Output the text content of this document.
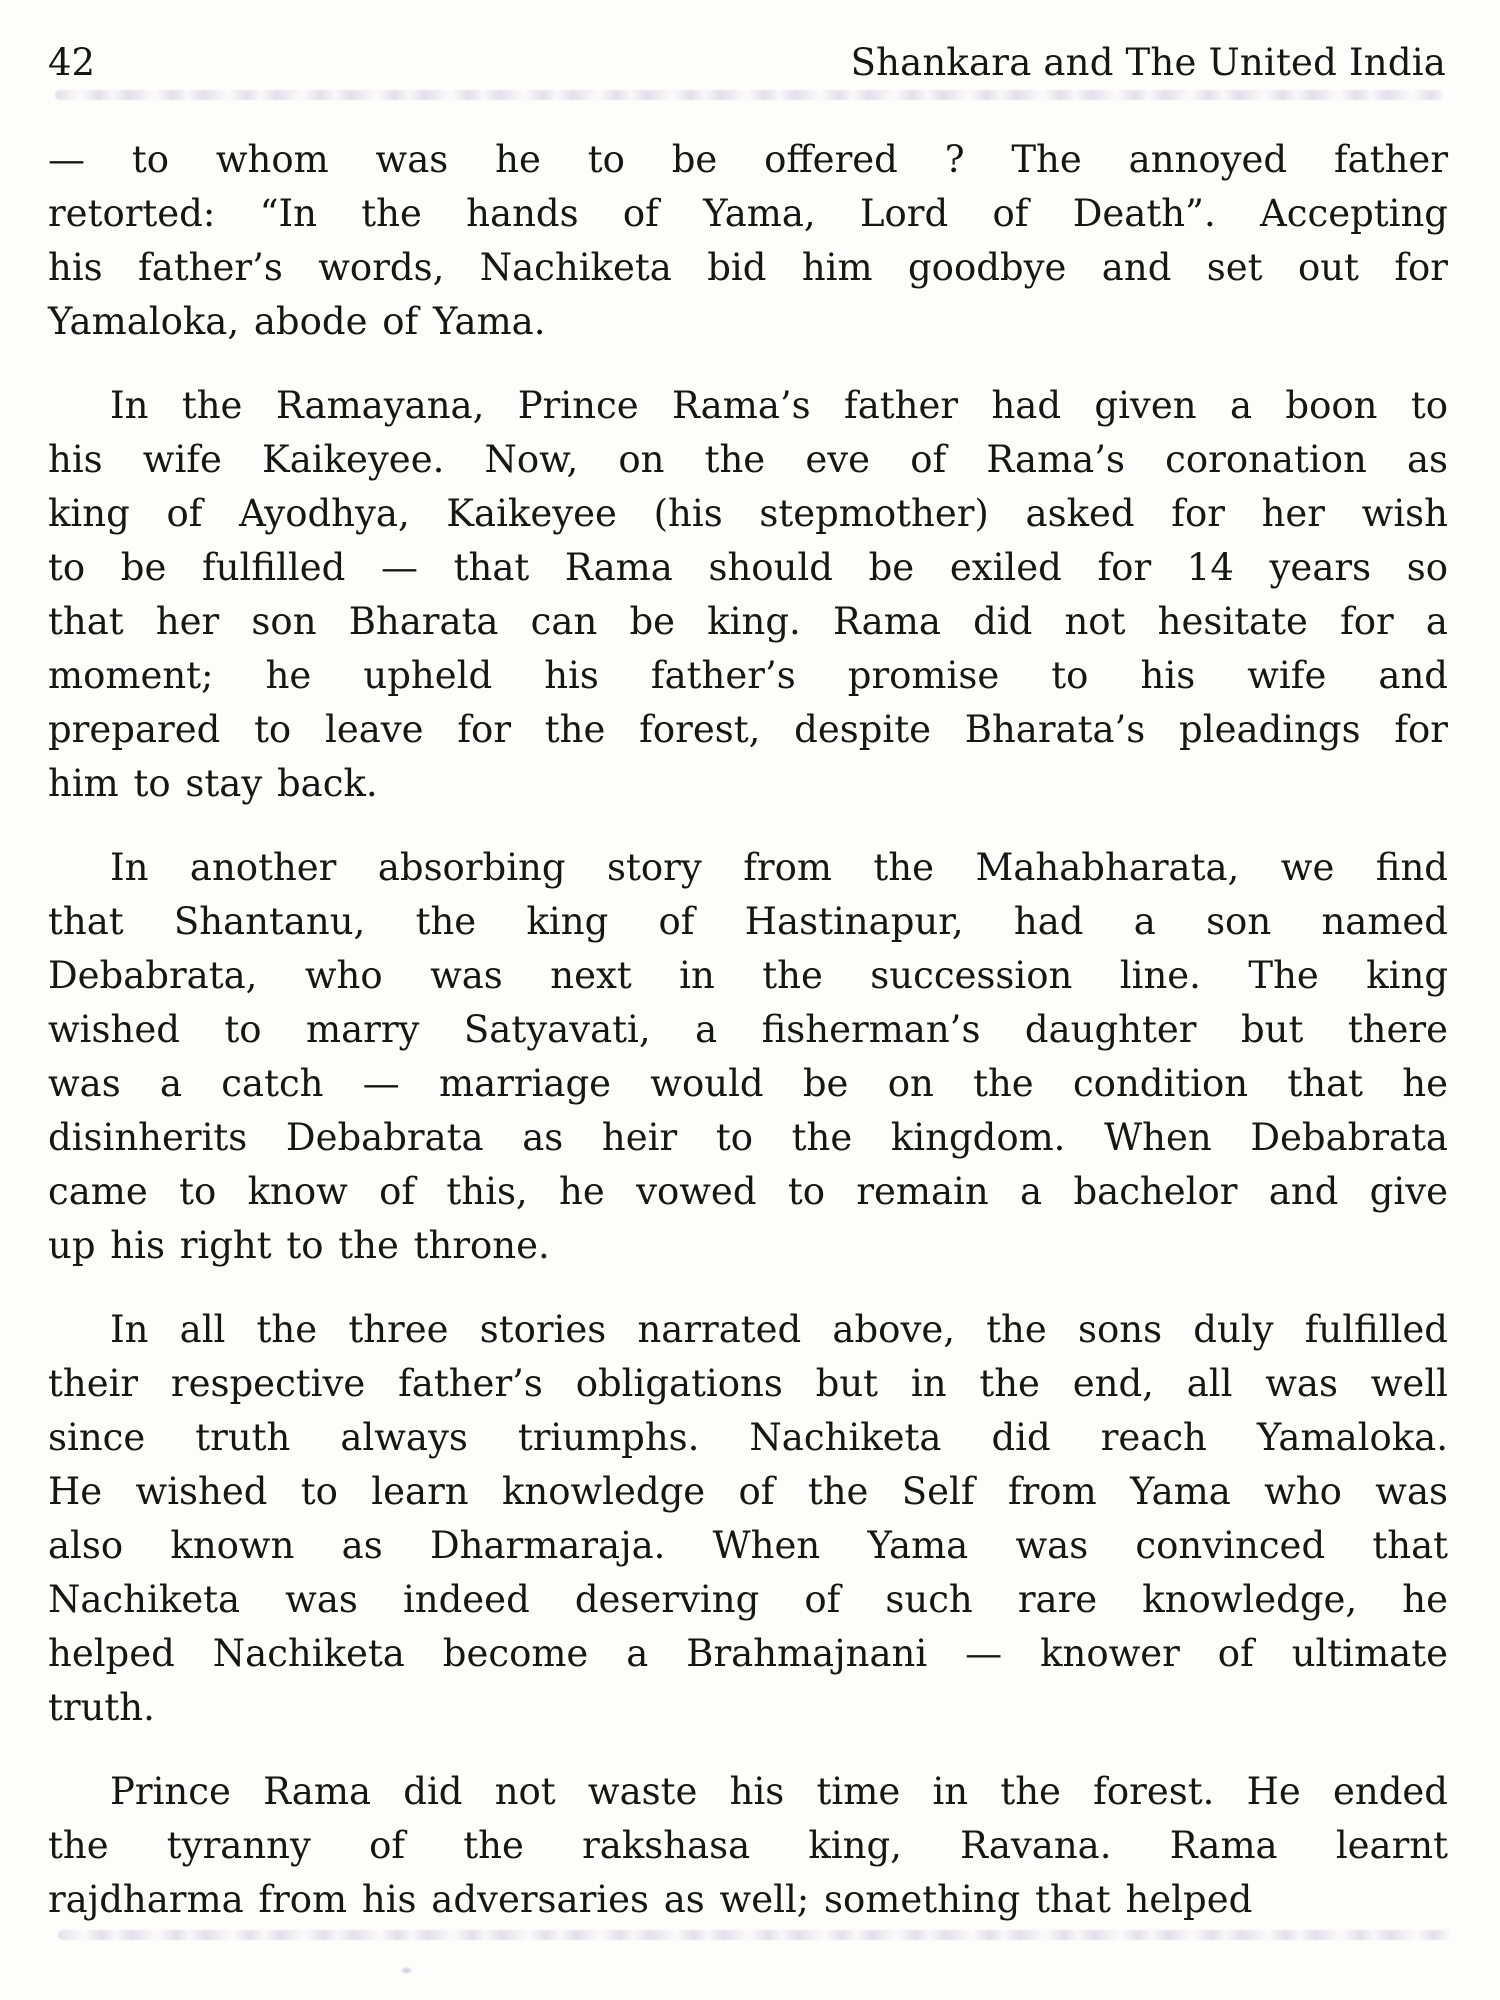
42	Shankara and The United India
— to whom was he to be offered ? The annoyed father
retorted: “In the hands of Yama, Lord of Death”. Accepting
his father’s words, Nachiketa bid him goodbye and set out for
Yamaloka, abode of Yama.
In the Ramayana, Prince Rama’s father had given a boon to
his wife Kaikeyee. Now, on the eve of Rama’s coronation as
king of Ayodhya, Kaikeyee (his stepmother) asked for her wish
to be fulfilled — that Rama should be exiled for 14 years so
that her son Bharata can be king. Rama did not hesitate for a
moment; he upheld his father’s promise to his wife and
prepared to leave for the forest, despite Bharata’s pleadings for
him to stay back.
In another absorbing story from the Mahabharata, we find
that Shantanu, the king of Hastinapur, had a son named
Debabrata, who was next in the succession line. The king
wished to marry Satyavati, a fisherman’s daughter but there
was a catch — marriage would be on the condition that he
disinherits Debabrata as heir to the kingdom. When Debabrata
came to know of this, he vowed to remain a bachelor and give
up his right to the throne.
In all the three stories narrated above, the sons duly fulfilled
their respective father’s obligations but in the end, all was well
since truth always triumphs. Nachiketa did reach Yamaloka.
He wished to learn knowledge of the Self from Yama who was
also known as Dharmaraja. When Yama was convinced that
Nachiketa was indeed deserving of such rare knowledge, he
helped Nachiketa become a Brahmajnani — knower of ultimate
truth.
Prince Rama did not waste his time in the forest. He ended
the tyranny of the rakshasa king, Ravana. Rama learnt
rajdharma from his adversaries as well; something that helped
